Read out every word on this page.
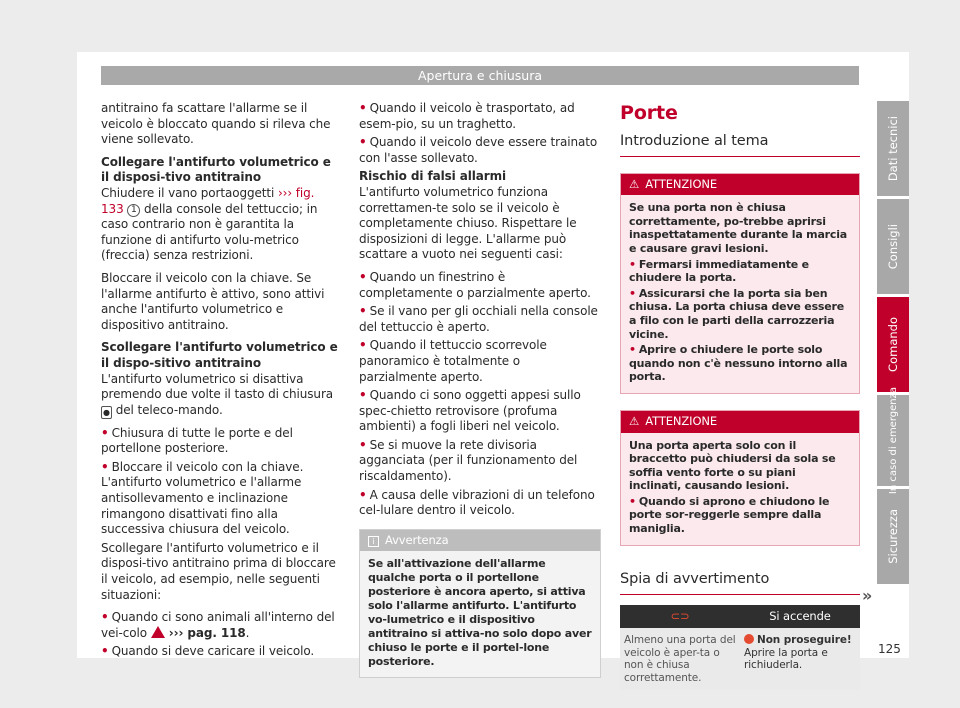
Apertura e chiusura
antitraino fa scattare l'allarme se il veicolo è bloccato quando si rileva che viene sollevato.
Collegare l'antifurto volumetrico e il disposi-tivo antitraino
Chiudere il vano portaoggetti ››› fig. 133 1 della console del tettuccio; in caso contrario non è garantita la funzione di antifurto volu-metrico (freccia) senza restrizioni.
Bloccare il veicolo con la chiave. Se l'allarme antifurto è attivo, sono attivi anche l'antifurto volumetrico e dispositivo antitraino.
Scollegare l'antifurto volumetrico e il dispo-sitivo antitraino
L'antifurto volumetrico si disattiva premendo due volte il tasto di chiusura ● del teleco-mando.
• Chiusura di tutte le porte e del portellone posteriore.
• Bloccare il veicolo con la chiave. L'antifurto volumetrico e l'allarme antisollevamento e inclinazione rimangono disattivati fino alla successiva chiusura del veicolo.
Scollegare l'antifurto volumetrico e il disposi-tivo antitraino prima di bloccare il veicolo, ad esempio, nelle seguenti situazioni:
• Quando ci sono animali all'interno del vei-colo  ››› pag. 118.
• Quando si deve caricare il veicolo.
• Quando il veicolo è trasportato, ad esem-pio, su un traghetto.
• Quando il veicolo deve essere trainato con l'asse sollevato.
Rischio di falsi allarmi
L'antifurto volumetrico funziona correttamen-te solo se il veicolo è completamente chiuso. Rispettare le disposizioni di legge. L'allarme può scattare a vuoto nei seguenti casi:
• Quando un finestrino è completamente o parzialmente aperto.
• Se il vano per gli occhiali nella console del tettuccio è aperto.
• Quando il tettuccio scorrevole panoramico è totalmente o parzialmente aperto.
• Quando ci sono oggetti appesi sullo spec-chietto retrovisore (profuma ambienti) a fogli liberi nel veicolo.
• Se si muove la rete divisoria agganciata (per il funzionamento del riscaldamento).
• A causa delle vibrazioni di un telefono cel-lulare dentro il veicolo.
i Avvertenza
Se all'attivazione dell'allarme qualche porta o il portellone posteriore è ancora aperto, si attiva solo l'allarme antifurto. L'antifurto vo-lumetrico e il dispositivo antitraino si attiva-no solo dopo aver chiuso le porte e il portel-lone posteriore.
Porte
Introduzione al tema
⚠ ATTENZIONE
Se una porta non è chiusa correttamente, po-trebbe aprirsi inaspettatamente durante la marcia e causare gravi lesioni.
• Fermarsi immediatamente e chiudere la porta.
• Assicurarsi che la porta sia ben chiusa. La porta chiusa deve essere a filo con le parti della carrozzeria vicine.
• Aprire o chiudere le porte solo quando non c'è nessuno intorno alla porta.
⚠ ATTENZIONE
Una porta aperta solo con il braccetto può chiudersi da sola se soffia vento forte o su piani inclinati, causando lesioni.
• Quando si aprono e chiudono le porte sor-reggerle sempre dalla maniglia.
Spia di avvertimento
⊂⊃	Si accende
Almeno una porta del veicolo è aper-ta o non è chiusa correttamente.	Non proseguire!
Aprire la porta e richiuderla.
»
Dati tecnici
Consigli
Comando
In caso di emergenza
Sicurezza
125
